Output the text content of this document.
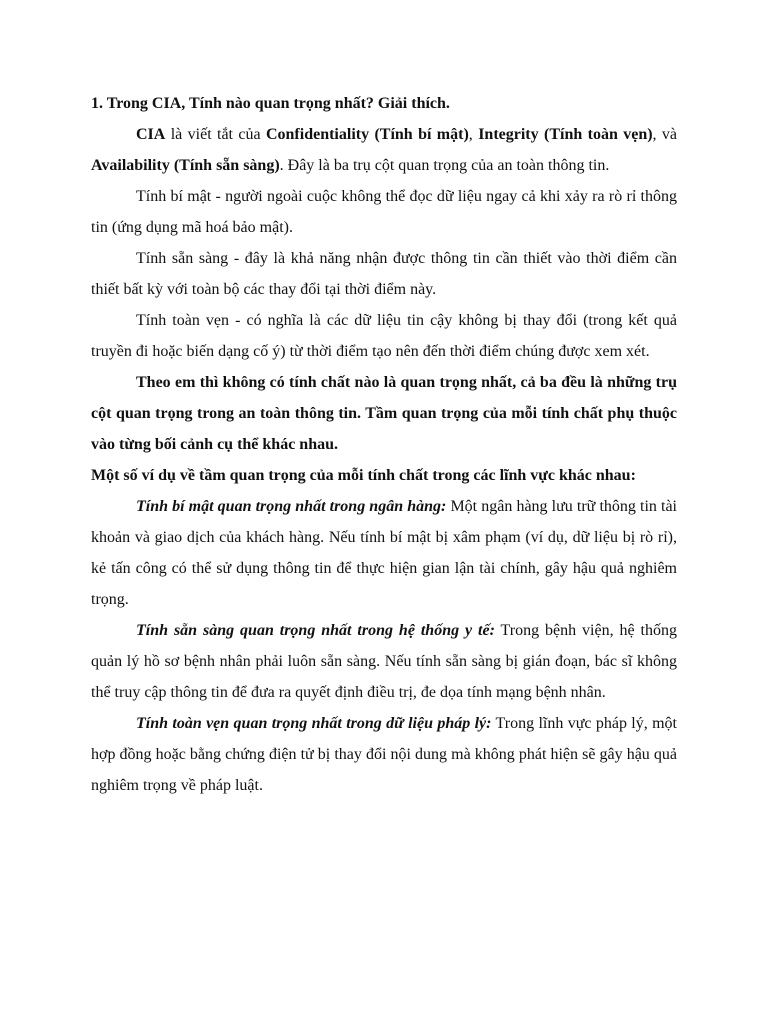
1. Trong CIA, Tính nào quan trọng nhất? Giải thích.
CIA là viết tắt của Confidentiality (Tính bí mật), Integrity (Tính toàn vẹn), và Availability (Tính sẵn sàng). Đây là ba trụ cột quan trọng của an toàn thông tin.
Tính bí mật - người ngoài cuộc không thể đọc dữ liệu ngay cả khi xảy ra rò rỉ thông tin (ứng dụng mã hoá bảo mật).
Tính sẵn sàng - đây là khả năng nhận được thông tin cần thiết vào thời điểm cần thiết bất kỳ với toàn bộ các thay đổi tại thời điểm này.
Tính toàn vẹn - có nghĩa là các dữ liệu tin cậy không bị thay đổi (trong kết quả truyền đi hoặc biến dạng cố ý) từ thời điểm tạo nên đến thời điểm chúng được xem xét.
Theo em thì không có tính chất nào là quan trọng nhất, cả ba đều là những trụ cột quan trọng trong an toàn thông tin. Tầm quan trọng của mỗi tính chất phụ thuộc vào từng bối cảnh cụ thể khác nhau.
Một số ví dụ về tầm quan trọng của mỗi tính chất trong các lĩnh vực khác nhau:
Tính bí mật quan trọng nhất trong ngân hàng: Một ngân hàng lưu trữ thông tin tài khoản và giao dịch của khách hàng. Nếu tính bí mật bị xâm phạm (ví dụ, dữ liệu bị rò rỉ), kẻ tấn công có thể sử dụng thông tin để thực hiện gian lận tài chính, gây hậu quả nghiêm trọng.
Tính sẵn sàng quan trọng nhất trong hệ thống y tế: Trong bệnh viện, hệ thống quản lý hồ sơ bệnh nhân phải luôn sẵn sàng. Nếu tính sẵn sàng bị gián đoạn, bác sĩ không thể truy cập thông tin để đưa ra quyết định điều trị, đe dọa tính mạng bệnh nhân.
Tính toàn vẹn quan trọng nhất trong dữ liệu pháp lý: Trong lĩnh vực pháp lý, một hợp đồng hoặc bằng chứng điện tử bị thay đổi nội dung mà không phát hiện sẽ gây hậu quả nghiêm trọng về pháp luật.
